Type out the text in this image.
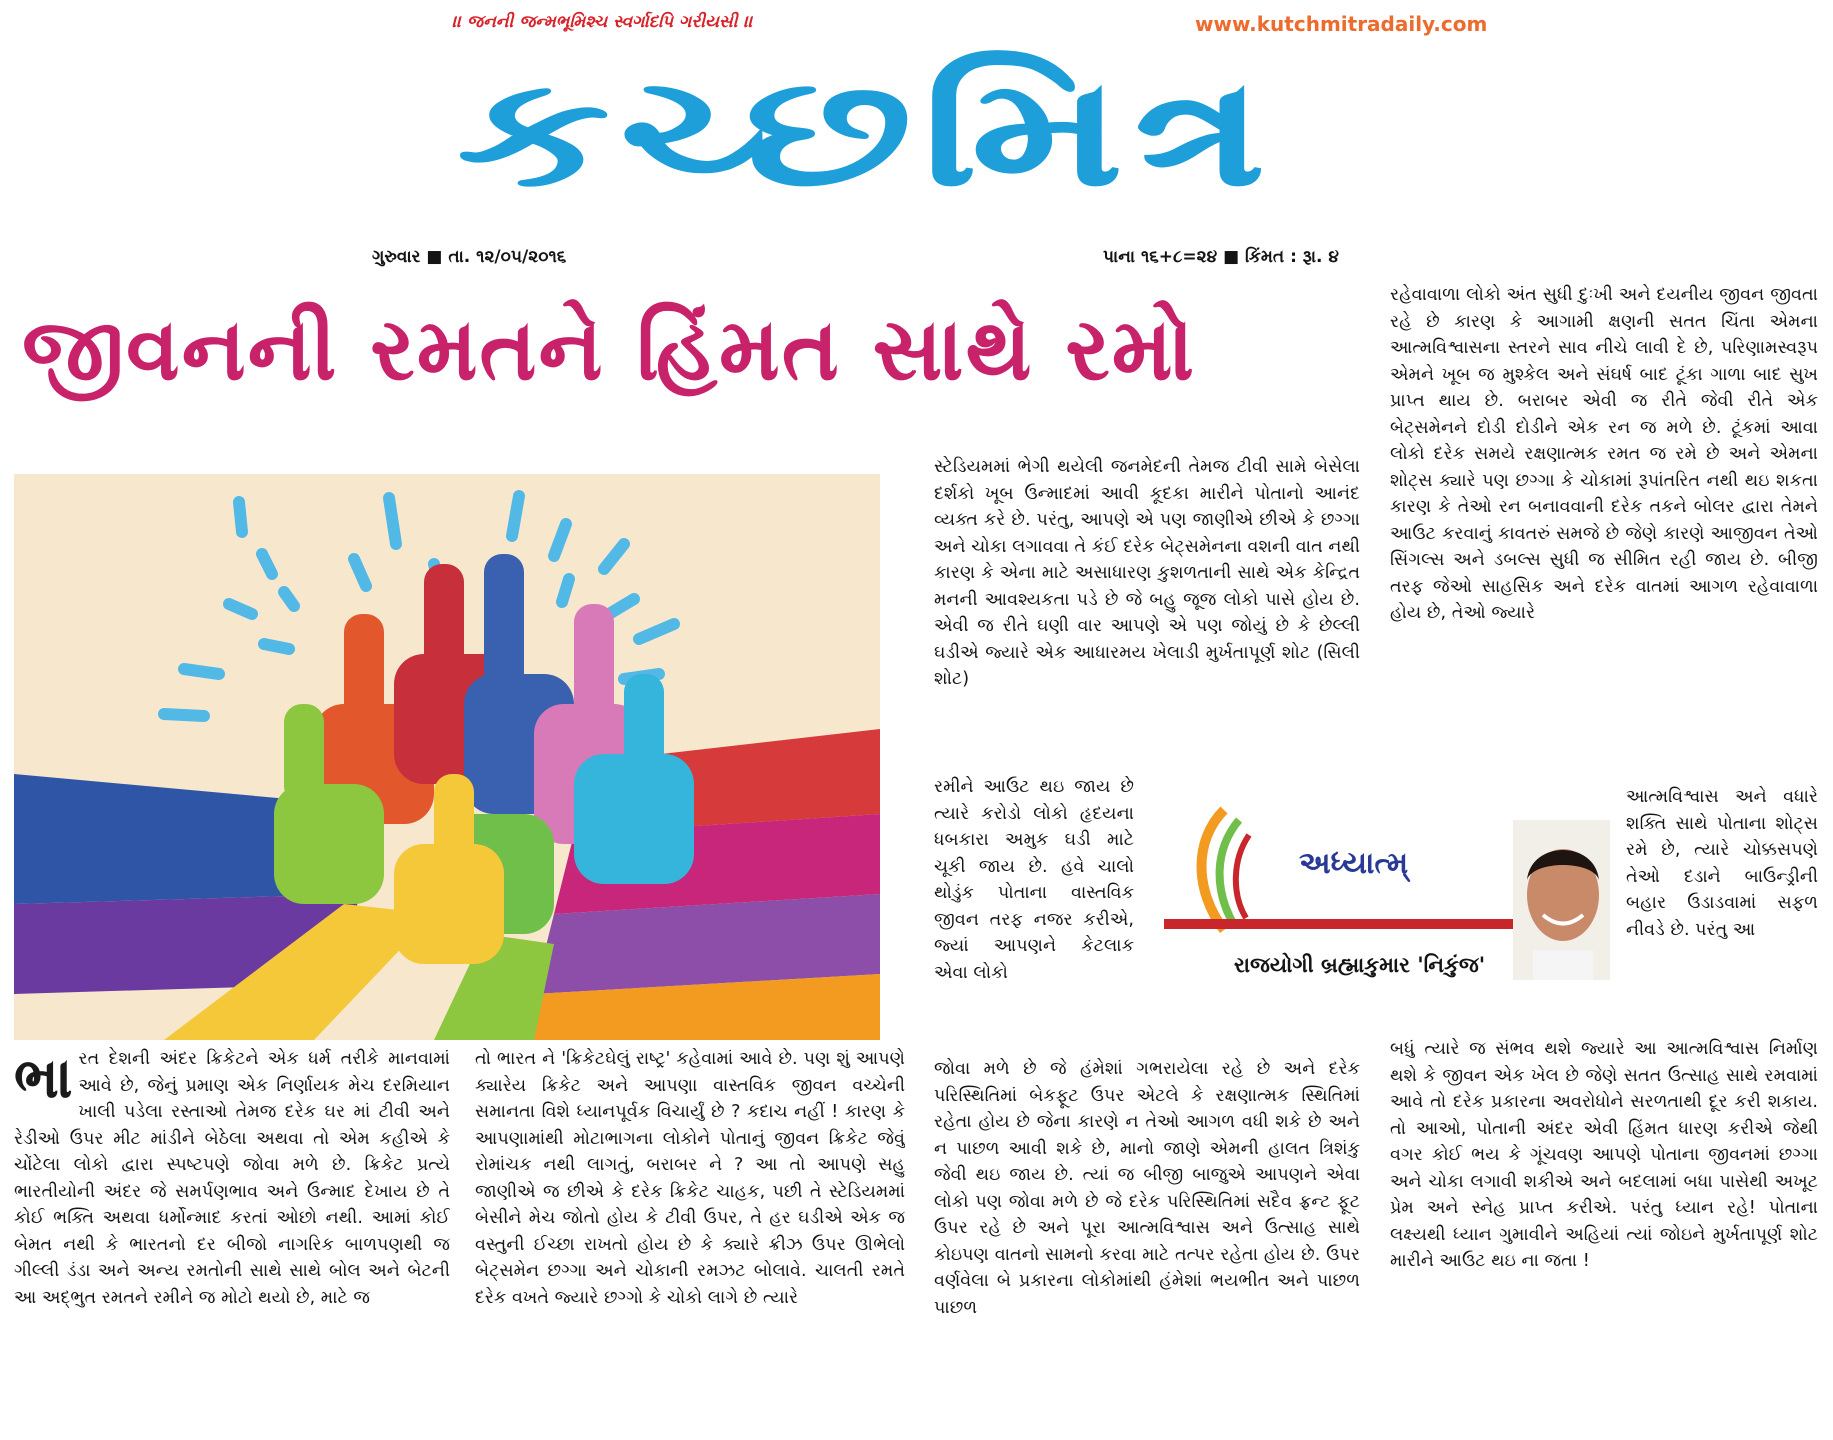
।। જનની જન્મભૂમિશ્ચ સ્વર્ગાદપિ ગરીયસી ।।	www.kutchmitradaily.com
કચ્છમિત્ર
ગુરુવાર ■ તા. ૧૨/૦૫/૨૦૧૬	પાના ૧૬+૮=૨૪ ■ કિંમત : રૂા. ૪
જીવનની રમતને હિંમત સાથે રમો
ભારત દેશની અંદર ક્રિકેટને એક ધર્મ તરીકે માનવામાં આવે છે, જેનું પ્રમાણ એક નિર્ણાયક મેચ દરમિયાન ખાલી પડેલા રસ્તાઓ તેમજ દરેક ઘર માં ટીવી અને રેડીઓ ઉપર મીટ માંડીને બેઠેલા અથવા તો એમ કહીએ કે ચોંટેલા લોકો દ્વારા સ્પષ્ટપણે જોવા મળે છે. ક્રિકેટ પ્રત્યે ભારતીયોની અંદર જે સમર્પણભાવ અને ઉન્માદ દેખાય છે તે કોઈ ભક્તિ અથવા ધર્મોન્માદ કરતાં ઓછો નથી. આમાં કોઈ બેમત નથી કે ભારતનો દર બીજો નાગરિક બાળપણથી જ ગીલ્લી ડંડા અને અન્ય રમતોની સાથે સાથે બોલ અને બેટની આ અદ્ભુત રમતને રમીને જ મોટો થયો છે, માટે જ

તો ભારત ને 'ક્રિકેટઘેલું રાષ્ટ્ર' કહેવામાં આવે છે. પણ શું આપણે ક્યારેય ક્રિકેટ અને આપણા વાસ્તવિક જીવન વચ્ચેની સમાનતા વિશે ધ્યાનપૂર્વક વિચાર્યું છે ? કદાચ નહીં ! કારણ કે આપણામાંથી મોટાભાગના લોકોને પોતાનું જીવન ક્રિકેટ જેવું રોમાંચક નથી લાગતું, બરાબર ને ? આ તો આપણે સહુ જાણીએ જ છીએ કે દરેક ક્રિકેટ ચાહક, પછી તે સ્ટેડિયમમાં બેસીને મેચ જોતો હોય કે ટીવી ઉપર, તે હર ઘડીએ એક જ વસ્તુની ઈચ્છા રાખતો હોય છે કે ક્યારે ક્રીઝ ઉપર ઊભેલો બેટ્સમેન છગ્ગા અને ચોકાની રમઝટ બોલાવે. ચાલતી રમતે દરેક વખતે જ્યારે છગ્ગો કે ચોકો લાગે છે ત્યારે

સ્ટેડિયમમાં ભેગી થયેલી જનમેદની તેમજ ટીવી સામે બેસેલા દર્શકો ખૂબ ઉન્માદમાં આવી કૂદકા મારીને પોતાનો આનંદ વ્યક્ત કરે છે. પરંતુ, આપણે એ પણ જાણીએ છીએ કે છગ્ગા અને ચોકા લગાવવા તે કંઈ દરેક બેટ્સમેનના વશની વાત નથી કારણ કે એના માટે અસાધારણ કુશળતાની સાથે એક કેન્દ્રિત મનની આવશ્યકતા પડે છે જે બહુ જૂજ લોકો પાસે હોય છે. એવી જ રીતે ઘણી વાર આપણે એ પણ જોયું છે કે છેલ્લી ઘડીએ જ્યારે એક આધારમય ખેલાડી મુર્ખતાપૂર્ણ શોટ (સિલી શોટ)

રમીને આઉટ થઇ જાય છે ત્યારે કરોડો લોકો હૃદયના ધબકારા અમુક ઘડી માટે ચૂકી જાય છે. હવે ચાલો થોડુંક પોતાના વાસ્તવિક જીવન તરફ નજર કરીએ, જ્યાં આપણને કેટલાક એવા લોકો

જોવા મળે છે જે હંમેશાં ગભરાયેલા રહે છે અને દરેક પરિસ્થિતિમાં બેકફૂટ ઉપર એટલે કે રક્ષણાત્મક સ્થિતિમાં રહેતા હોય છે જેના કારણે ન તેઓ આગળ વધી શકે છે અને ન પાછળ આવી શકે છે, માનો જાણે એમની હાલત ત્રિશંકુ જેવી થઇ જાય છે. ત્યાં જ બીજી બાજુએ આપણને એવા લોકો પણ જોવા મળે છે જે દરેક પરિસ્થિતિમાં સદૈવ ફ્રન્ટ ફૂટ ઉપર રહે છે અને પૂરા આત્મવિશ્વાસ અને ઉત્સાહ સાથે કોઇપણ વાતનો સામનો કરવા માટે તત્પર રહેતા હોય છે. ઉપર વર્ણવેલા બે પ્રકારના લોકોમાંથી હંમેશાં ભયભીત અને પાછળ પાછળ

રહેવાવાળા લોકો અંત સુધી દુઃખી અને દયનીય જીવન જીવતા રહે છે કારણ કે આગામી ક્ષણની સતત ચિંતા એમના આત્મવિશ્વાસના સ્તરને સાવ નીચે લાવી દે છે, પરિણામસ્વરૂપ એમને ખૂબ જ મુશ્કેલ અને સંઘર્ષ બાદ ટૂંકા ગાળા બાદ સુખ પ્રાપ્ત થાય છે. બરાબર એવી જ રીતે જેવી રીતે એક બેટ્સમેનને દોડી દોડીને એક રન જ મળે છે. ટૂંકમાં આવા લોકો દરેક સમયે રક્ષણાત્મક રમત જ રમે છે અને એમના શોટ્સ ક્યારે પણ છગ્ગા કે ચોકામાં રૂપાંતરિત નથી થઇ શકતા કારણ કે તેઓ રન બનાવવાની દરેક તકને બોલર દ્વારા તેમને આઉટ કરવાનું કાવતરું સમજે છે જેણે કારણે આજીવન તેઓ સિંગલ્સ અને ડબલ્સ સુધી જ સીમિત રહી જાય છે. બીજી તરફ જેઓ સાહસિક અને દરેક વાતમાં આગળ રહેવાવાળા હોય છે, તેઓ જ્યારે

આત્મવિશ્વાસ અને વધારે શક્તિ સાથે પોતાના શોટ્સ રમે છે, ત્યારે ચોક્કસપણે તેઓ દડાને બાઉન્ડ્રીની બહાર ઉડાડવામાં સફળ નીવડે છે. પરંતુ આ

બધું ત્યારે જ સંભવ થશે જ્યારે આ આત્મવિશ્વાસ નિર્માણ થશે કે જીવન એક ખેલ છે જેણે સતત ઉત્સાહ સાથે રમવામાં આવે તો દરેક પ્રકારના અવરોધોને સરળતાથી દૂર કરી શકાય. તો આઓ, પોતાની અંદર એવી હિંમત ધારણ કરીએ જેથી વગર કોઈ ભય કે ગૂંચવણ આપણે પોતાના જીવનમાં છગ્ગા અને ચોકા લગાવી શકીએ અને બદલામાં બધા પાસેથી અખૂટ પ્રેમ અને સ્નેહ પ્રાપ્ત કરીએ. પરંતુ ધ્યાન રહે! પોતાના લક્ષ્યથી ધ્યાન ગુમાવીને અહિયાં ત્યાં જોઇને મુર્ખતાપૂર્ણ શોટ મારીને આઉટ થઇ ના જતા !

અધ્યાત્મ્
રાજયોગી બ્રહ્માકુમાર 'નિકુંજ'
